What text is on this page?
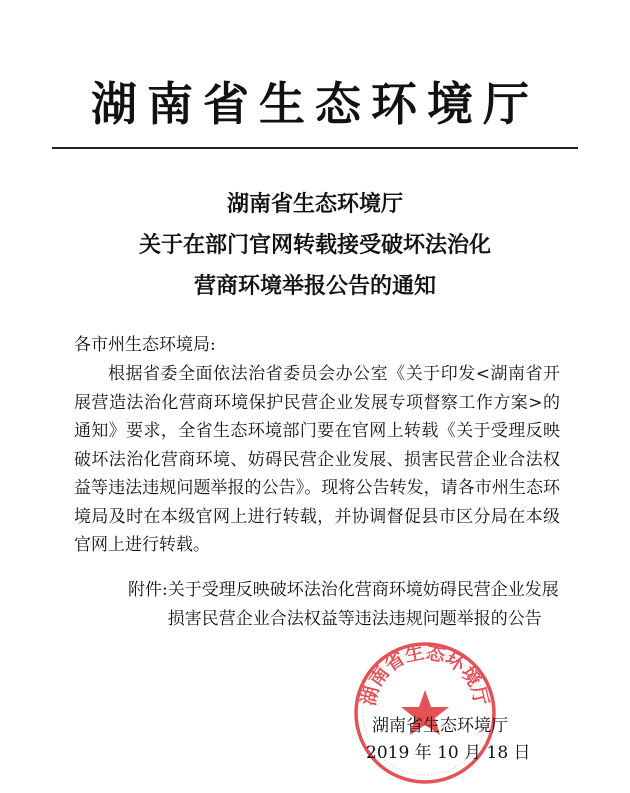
湖南省生态环境厅
湖南省生态环境厅
关于在部门官网转载接受破坏法治化
营商环境举报公告的通知
各市州生态环境局:
根据省委全面依法治省委员会办公室《关于印发<湖南省开展营造法治化营商环境保护民营企业发展专项督察工作方案>的通知》要求，全省生态环境部门要在官网上转载《关于受理反映破坏法治化营商环境、妨碍民营企业发展、损害民营企业合法权益等违法违规问题举报的公告》。现将公告转发，请各市州生态环境局及时在本级官网上进行转载，并协调督促县市区分局在本级官网上进行转载。
附件: 关于受理反映破坏法治化营商环境妨碍民营企业发展损害民营企业合法权益等违法违规问题举报的公告
湖南省生态环境厅
湖南省生态环境厅
2019 年 10 月 18 日
